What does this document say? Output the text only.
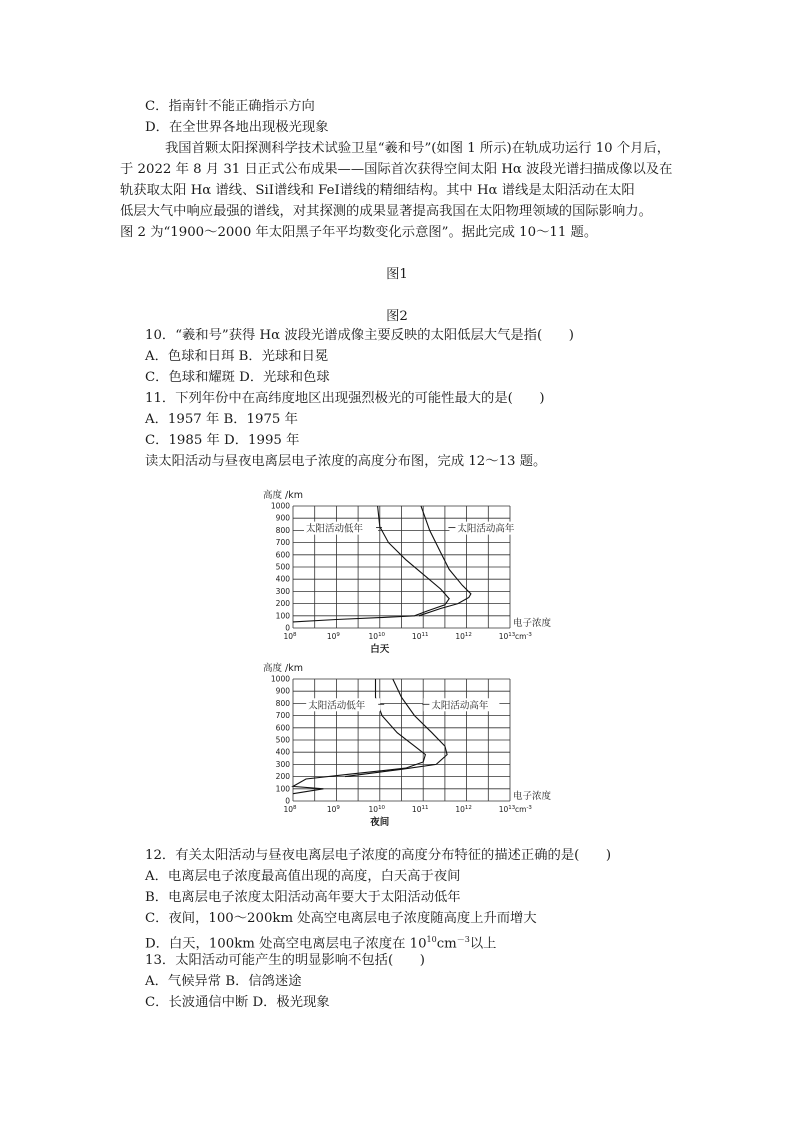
C．指南针不能正确指示方向
D．在全世界各地出现极光现象
我国首颗太阳探测科学技术试验卫星“羲和号”(如图 1 所示)在轨成功运行 10 个月后，
于 2022 年 8 月 31 日正式公布成果——国际首次获得空间太阳 Hα 波段光谱扫描成像以及在
轨获取太阳 Hα 谱线、SiⅠ谱线和 FeⅠ谱线的精细结构。其中 Hα 谱线是太阳活动在太阳
低层大气中响应最强的谱线，对其探测的成果显著提高我国在太阳物理领域的国际影响力。
图 2 为“1900～2000 年太阳黑子年平均数变化示意图”。据此完成 10～11 题。
图1
图2
10．“羲和号”获得 Hα 波段光谱成像主要反映的太阳低层大气是指(　　)
A．色球和日珥 B．光球和日冕
C．色球和耀斑 D．光球和色球
11．下列年份中在高纬度地区出现强烈极光的可能性最大的是(　　)
A．1957 年 B．1975 年
C．1985 年 D．1995 年
读太阳活动与昼夜电离层电子浓度的高度分布图，完成 12～13 题。
0
100
200
300
400
500
600
700
800
900
1000
$10^8$	$10^9$	$10^{10}$	$10^{11}$	$10^{12}$	$10^{13}$
高度 /km
电子浓度
$cm^{-3}$
白天
太阳活动低年	太阳活动高年
0
100
200
300
400
500
600
700
800
900
1000
$10^8$	$10^9$	$10^{10}$	$10^{11}$	$10^{12}$	$10^{13}$
高度 /km
电子浓度
$cm^{-3}$
夜间
太阳活动低年	太阳活动高年
12．有关太阳活动与昼夜电离层电子浓度的高度分布特征的描述正确的是(　　)
A．电离层电子浓度最高值出现的高度，白天高于夜间
B．电离层电子浓度太阳活动高年要大于太阳活动低年
C．夜间，100～200km 处高空电离层电子浓度随高度上升而增大
D．白天，100km 处高空电离层电子浓度在 $10^{10}cm^{-3}$以上
13．太阳活动可能产生的明显影响不包括(　　)
A．气候异常 B．信鸽迷途
C．长波通信中断 D．极光现象
